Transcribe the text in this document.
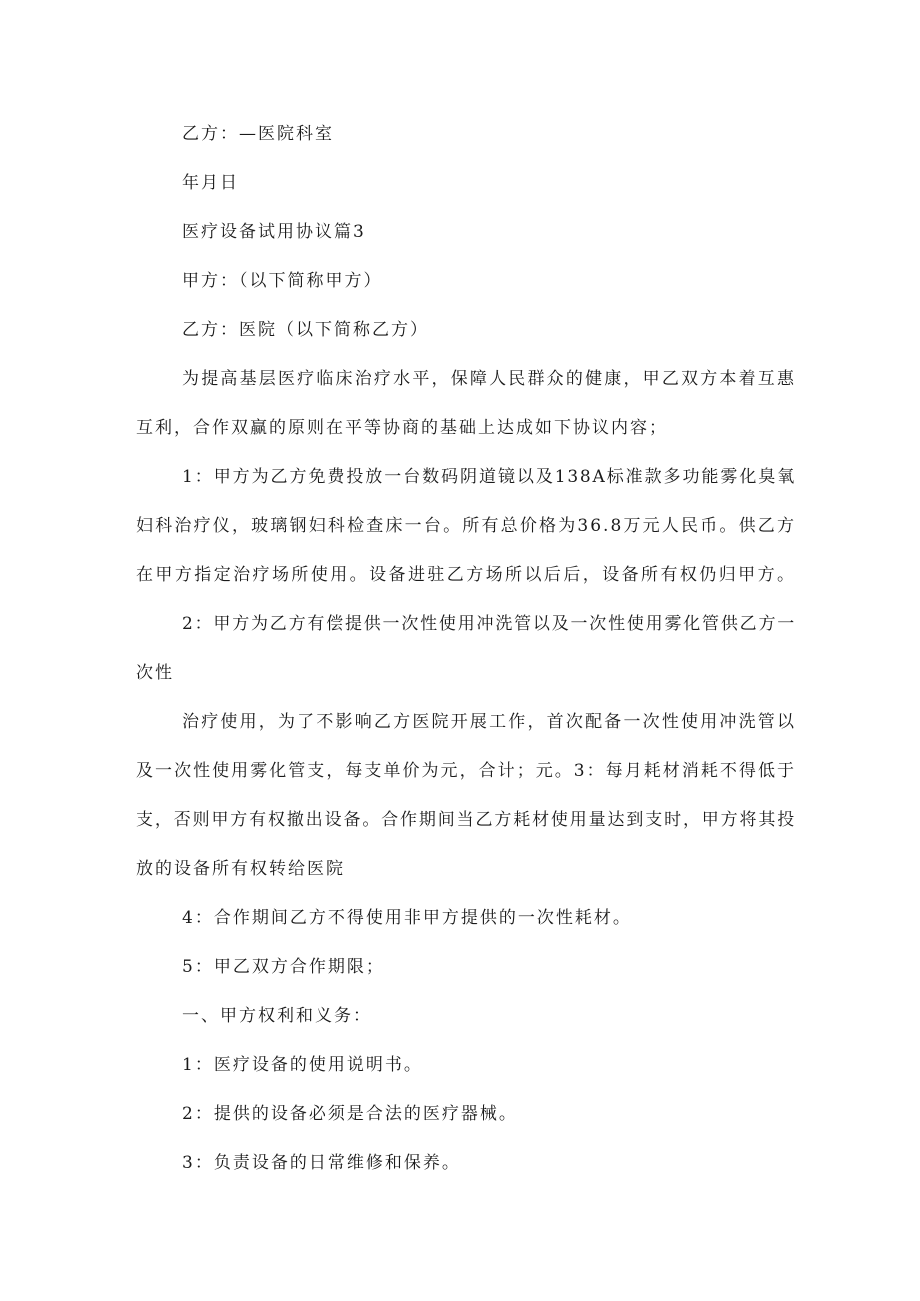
乙方：—医院科室
年月日
医疗设备试用协议篇3
甲方：（以下简称甲方）
乙方：医院（以下简称乙方）
为提高基层医疗临床治疗水平，保障人民群众的健康，甲乙双方本着互惠
互利，合作双赢的原则在平等协商的基础上达成如下协议内容；
1：甲方为乙方免费投放一台数码阴道镜以及138A标准款多功能雾化臭氧
妇科治疗仪，玻璃钢妇科检查床一台。所有总价格为36.8万元人民币。供乙方
在甲方指定治疗场所使用。设备进驻乙方场所以后后，设备所有权仍归甲方。
2：甲方为乙方有偿提供一次性使用冲洗管以及一次性使用雾化管供乙方一
次性
治疗使用，为了不影响乙方医院开展工作，首次配备一次性使用冲洗管以
及一次性使用雾化管支，每支单价为元，合计；元。3：每月耗材消耗不得低于
支，否则甲方有权撤出设备。合作期间当乙方耗材使用量达到支时，甲方将其投
放的设备所有权转给医院
4：合作期间乙方不得使用非甲方提供的一次性耗材。
5：甲乙双方合作期限；
一、甲方权利和义务：
1：医疗设备的使用说明书。
2：提供的设备必须是合法的医疗器械。
3：负责设备的日常维修和保养。
